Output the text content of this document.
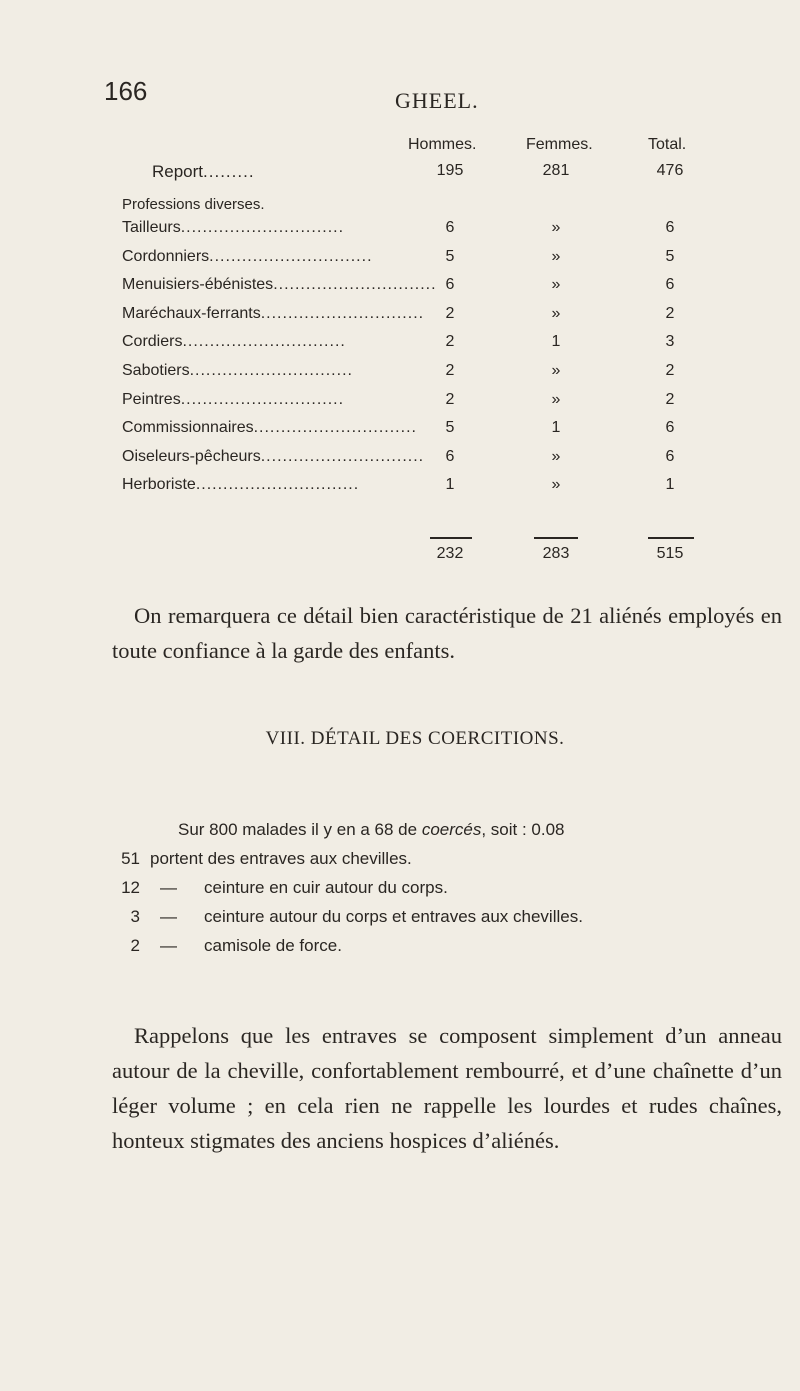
166	GHEEL.
Hommes.	Femmes.	Total.
Report.........	195	281	476
Professions diverses.
Tailleurs..............................	6	»	6
Cordonniers..............................	5	»	5
Menuisiers-ébénistes.............................. 6	»	6
Maréchaux-ferrants..............................	2	»	2
Cordiers..............................	2	1	3
Sabotiers..............................	2	»	2
Peintres..............................	2	»	2
Commissionnaires..............................	5	1	6
Oiseleurs-pêcheurs..............................	6	»	6
Herboriste..............................	1	»	1
232	283	515
On remarquera ce détail bien caractéristique de 21 aliénés employés en toute confiance à la garde des enfants.
VIII. DÉTAIL DES COERCITIONS.
Sur 800 malades il y en a 68 de coercés, soit : 0.08
51 portent des entraves aux chevilles.
12 — ceinture en cuir autour du corps.
3 — ceinture autour du corps et entraves aux chevilles.
2 — camisole de force.
Rappelons que les entraves se composent simplement d’un anneau autour de la cheville, confortablement rembourré, et d’une chaînette d’un léger volume ; en cela rien ne rappelle les lourdes et rudes chaînes, honteux stigmates des anciens hospices d’aliénés.
